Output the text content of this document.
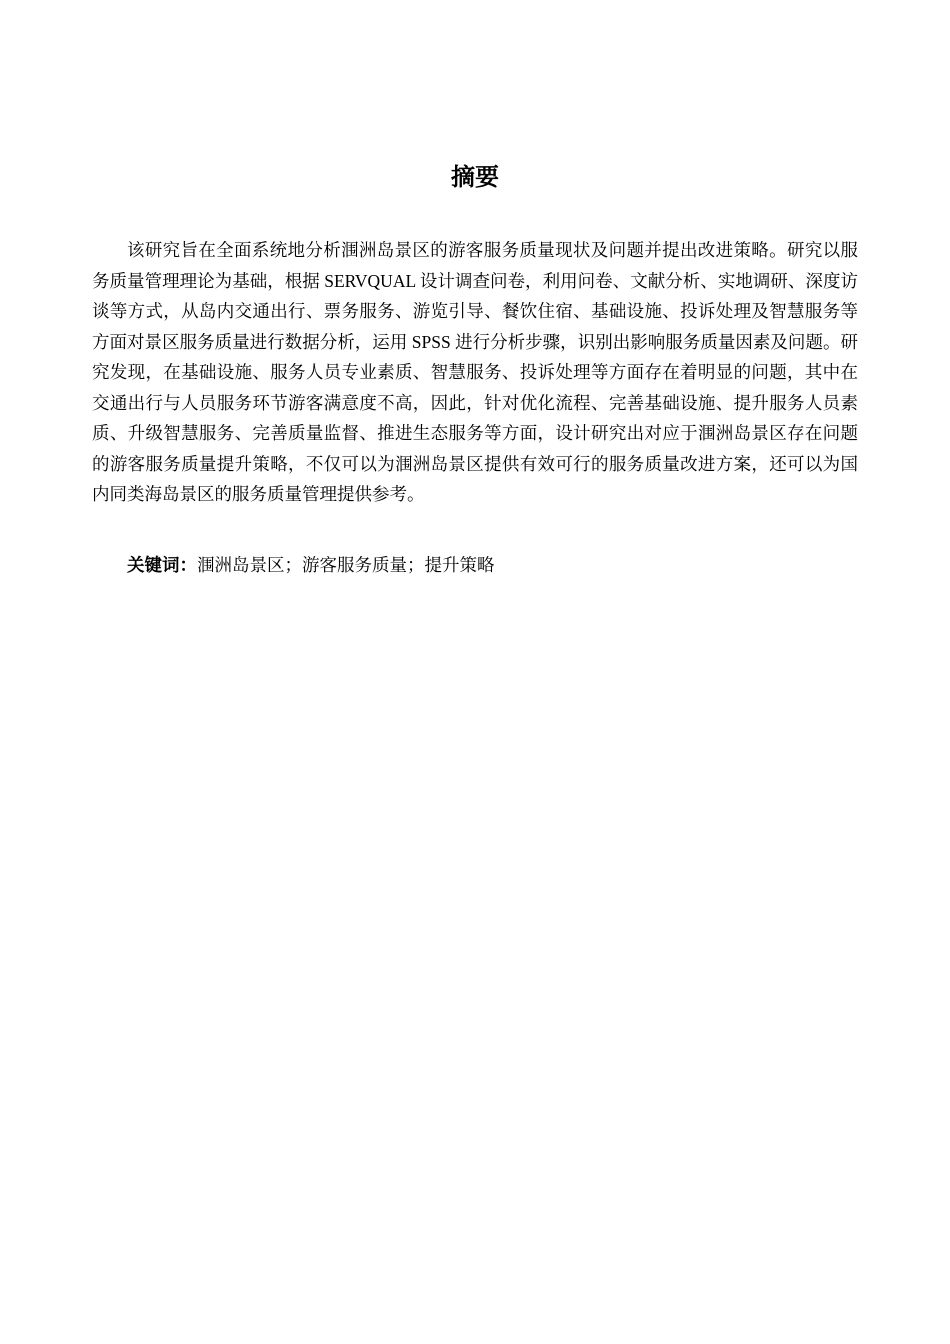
摘要

该研究旨在全面系统地分析涠洲岛景区的游客服务质量现状及问题并提出改进策略。研究以服务质量管理理论为基础，根据 SERVQUAL 设计调查问卷，利用问卷、文献分析、实地调研、深度访谈等方式，从岛内交通出行、票务服务、游览引导、餐饮住宿、基础设施、投诉处理及智慧服务等方面对景区服务质量进行数据分析，运用 SPSS 进行分析步骤，识别出影响服务质量因素及问题。研究发现，在基础设施、服务人员专业素质、智慧服务、投诉处理等方面存在着明显的问题，其中在交通出行与人员服务环节游客满意度不高，因此，针对优化流程、完善基础设施、提升服务人员素质、升级智慧服务、完善质量监督、推进生态服务等方面，设计研究出对应于涠洲岛景区存在问题的游客服务质量提升策略，不仅可以为涠洲岛景区提供有效可行的服务质量改进方案，还可以为国内同类海岛景区的服务质量管理提供参考。

关键词：涠洲岛景区；游客服务质量；提升策略
